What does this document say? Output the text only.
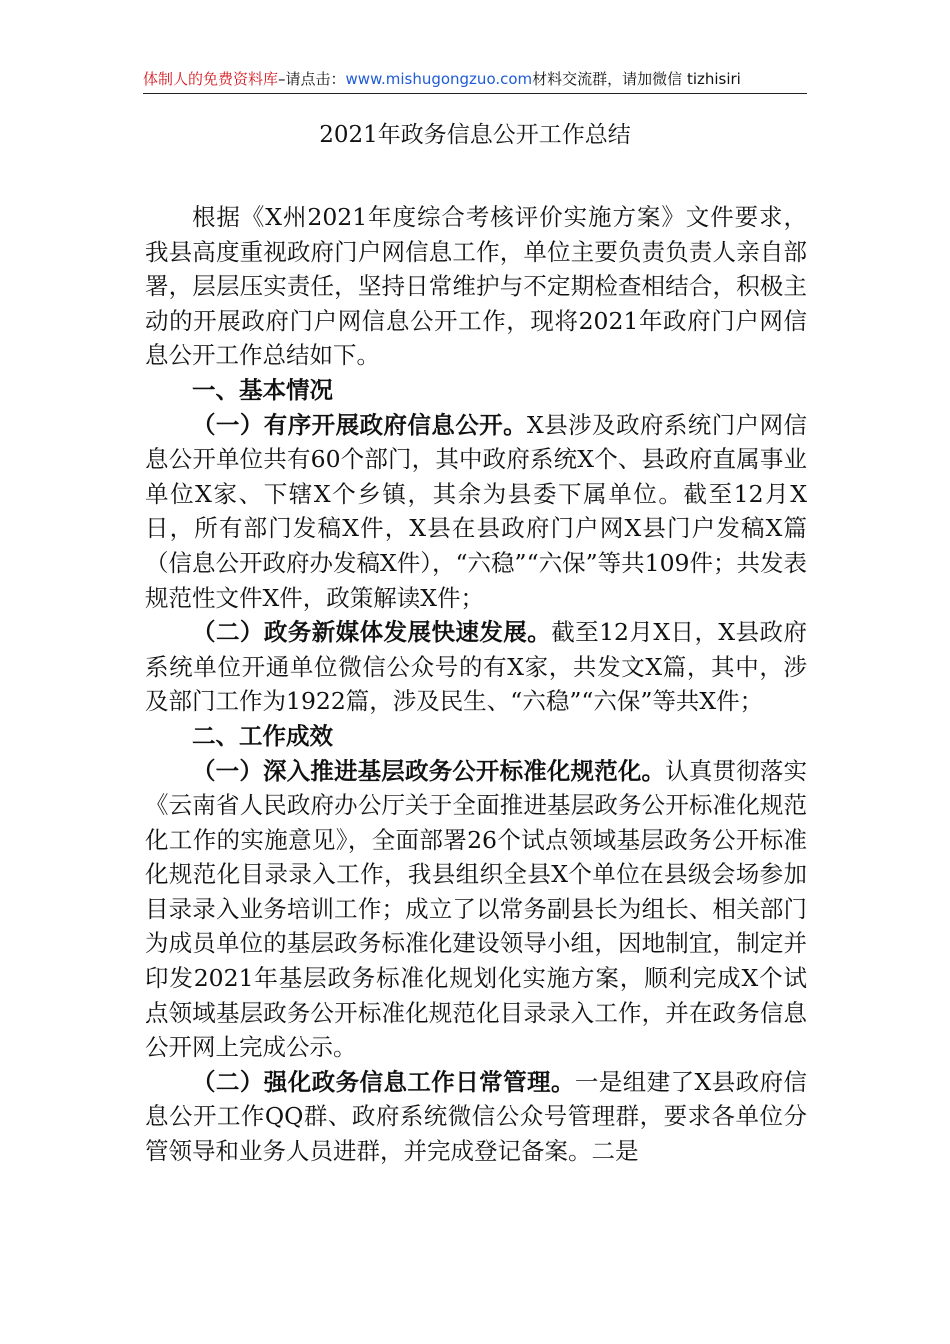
体制人的免费资料库–请点击：www.mishugongzuo.com材料交流群，请加微信 tizhisiri
2021年政务信息公开工作总结

根据《X州2021年度综合考核评价实施方案》文件要求，我县高度重视政府门户网信息工作，单位主要负责负责人亲自部署，层层压实责任，坚持日常维护与不定期检查相结合，积极主动的开展政府门户网信息公开工作，现将2021年政府门户网信息公开工作总结如下。

一、基本情况

（一）有序开展政府信息公开。X县涉及政府系统门户网信息公开单位共有60个部门，其中政府系统X个、县政府直属事业单位X家、下辖X个乡镇，其余为县委下属单位。截至12月X日，所有部门发稿X件，X县在县政府门户网X县门户发稿X篇（信息公开政府办发稿X件），“六稳”“六保”等共109件；共发表规范性文件X件，政策解读X件；

（二）政务新媒体发展快速发展。截至12月X日，X县政府系统单位开通单位微信公众号的有X家，共发文X篇，其中，涉及部门工作为1922篇，涉及民生、“六稳”“六保”等共X件；

二、工作成效

（一）深入推进基层政务公开标准化规范化。认真贯彻落实《云南省人民政府办公厅关于全面推进基层政务公开标准化规范化工作的实施意见》，全面部署26个试点领域基层政务公开标准化规范化目录录入工作，我县组织全县X个单位在县级会场参加目录录入业务培训工作；成立了以常务副县长为组长、相关部门为成员单位的基层政务标准化建设领导小组，因地制宜，制定并印发2021年基层政务标准化规划化实施方案，顺利完成X个试点领域基层政务公开标准化规范化目录录入工作，并在政务信息公开网上完成公示。

（二）强化政务信息工作日常管理。一是组建了X县政府信息公开工作QQ群、政府系统微信公众号管理群，要求各单位分管领导和业务人员进群，并完成登记备案。二是
